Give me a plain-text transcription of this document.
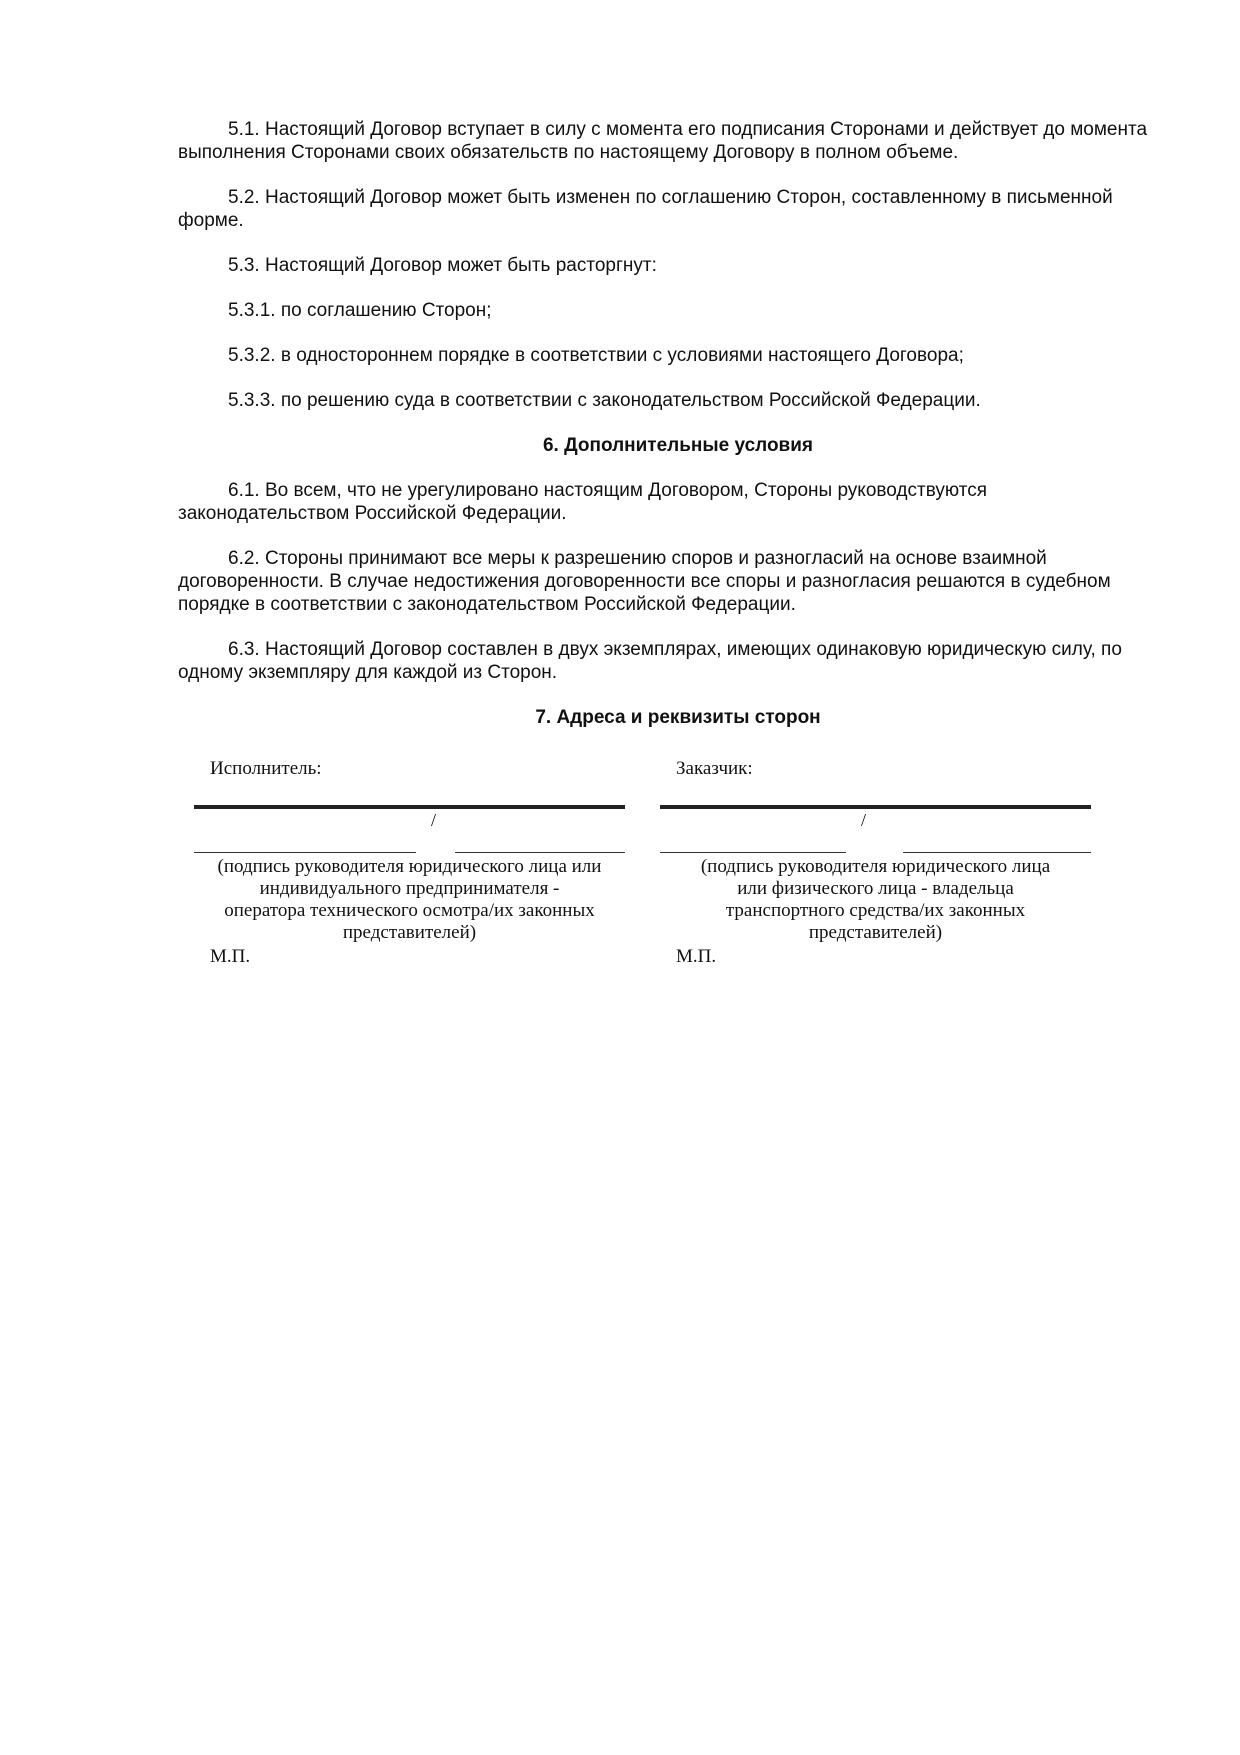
5.1. Настоящий Договор вступает в силу с момента его подписания Сторонами и действует до момента выполнения Сторонами своих обязательств по настоящему Договору в полном объеме.

5.2. Настоящий Договор может быть изменен по соглашению Сторон, составленному в письменной форме.

5.3. Настоящий Договор может быть расторгнут:

5.3.1. по соглашению Сторон;

5.3.2. в одностороннем порядке в соответствии с условиями настоящего Договора;

5.3.3. по решению суда в соответствии с законодательством Российской Федерации.

6. Дополнительные условия

6.1. Во всем, что не урегулировано настоящим Договором, Стороны руководствуются законодательством Российской Федерации.

6.2. Стороны принимают все меры к разрешению споров и разногласий на основе взаимной договоренности. В случае недостижения договоренности все споры и разногласия решаются в судебном порядке в соответствии с законодательством Российской Федерации.

6.3. Настоящий Договор составлен в двух экземплярах, имеющих одинаковую юридическую силу, по одному экземпляру для каждой из Сторон.

7. Адреса и реквизиты сторон
Исполнитель:
/
(подпись руководителя юридического лица или
индивидуального предпринимателя -
оператора технического осмотра/их законных
представителей)
М.П.
Заказчик:
/
(подпись руководителя юридического лица
или физического лица - владельца
транспортного средства/их законных
представителей)
М.П.
